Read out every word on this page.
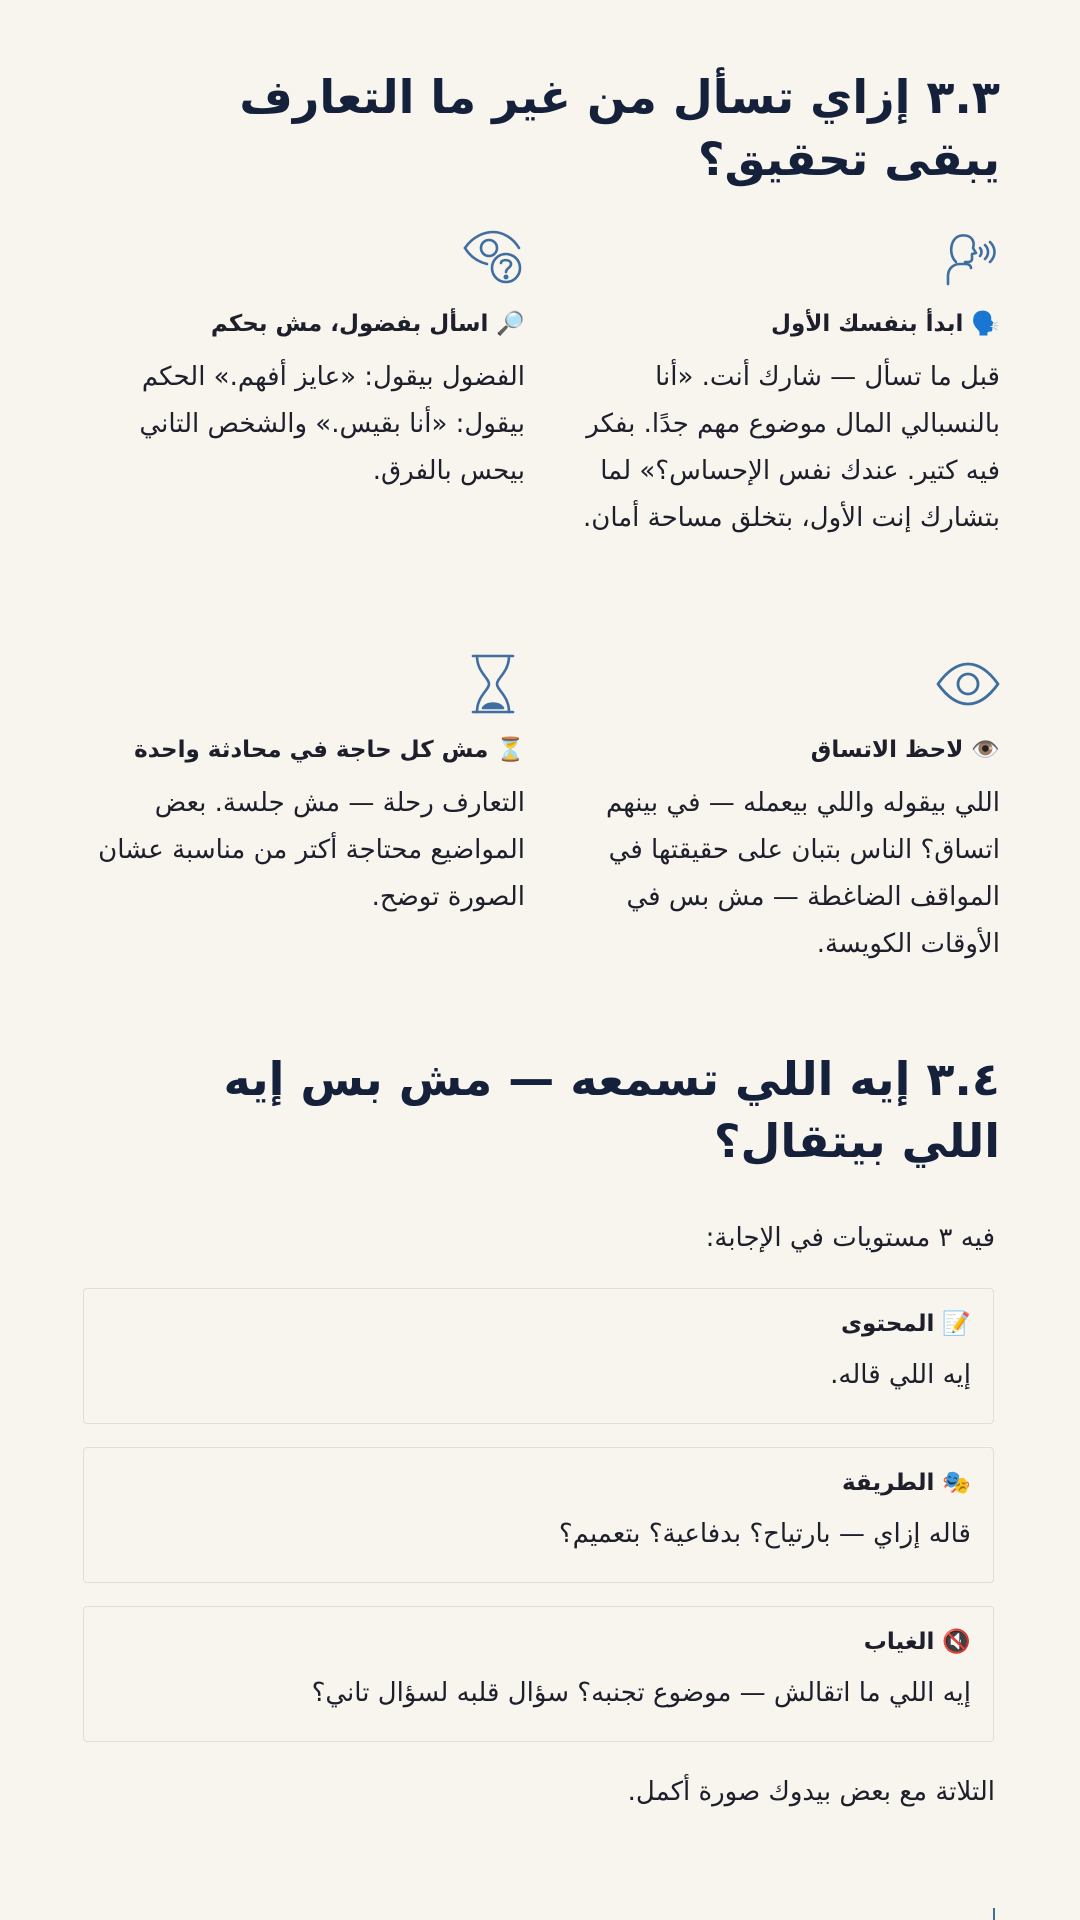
٣.٣ إزاي تسأل من غير ما التعارف يبقى تحقيق؟
🗣️ ابدأ بنفسك الأول
قبل ما تسأل — شارك أنت. «أنا بالنسبالي المال موضوع مهم جدًا. بفكر فيه كتير. عندك نفس الإحساس؟» لما بتشارك إنت الأول، بتخلق مساحة أمان.
🔎 اسأل بفضول، مش بحكم
الفضول بيقول: «عايز أفهم.» الحكم بيقول: «أنا بقيس.» والشخص التاني بيحس بالفرق.
👁️ لاحظ الاتساق
اللي بيقوله واللي بيعمله — في بينهم اتساق؟ الناس بتبان على حقيقتها في المواقف الضاغطة — مش بس في الأوقات الكويسة.
⏳ مش كل حاجة في محادثة واحدة
التعارف رحلة — مش جلسة. بعض المواضيع محتاجة أكتر من مناسبة عشان الصورة توضح.
٣.٤ إيه اللي تسمعه — مش بس إيه اللي بيتقال؟
فيه ٣ مستويات في الإجابة:
📝 المحتوى
إيه اللي قاله.
🎭 الطريقة
قاله إزاي — بارتياح؟ بدفاعية؟ بتعميم؟
🔇 الغياب
إيه اللي ما اتقالش — موضوع تجنبه؟ سؤال قلبه لسؤال تاني؟
التلاتة مع بعض بيدوك صورة أكمل.
